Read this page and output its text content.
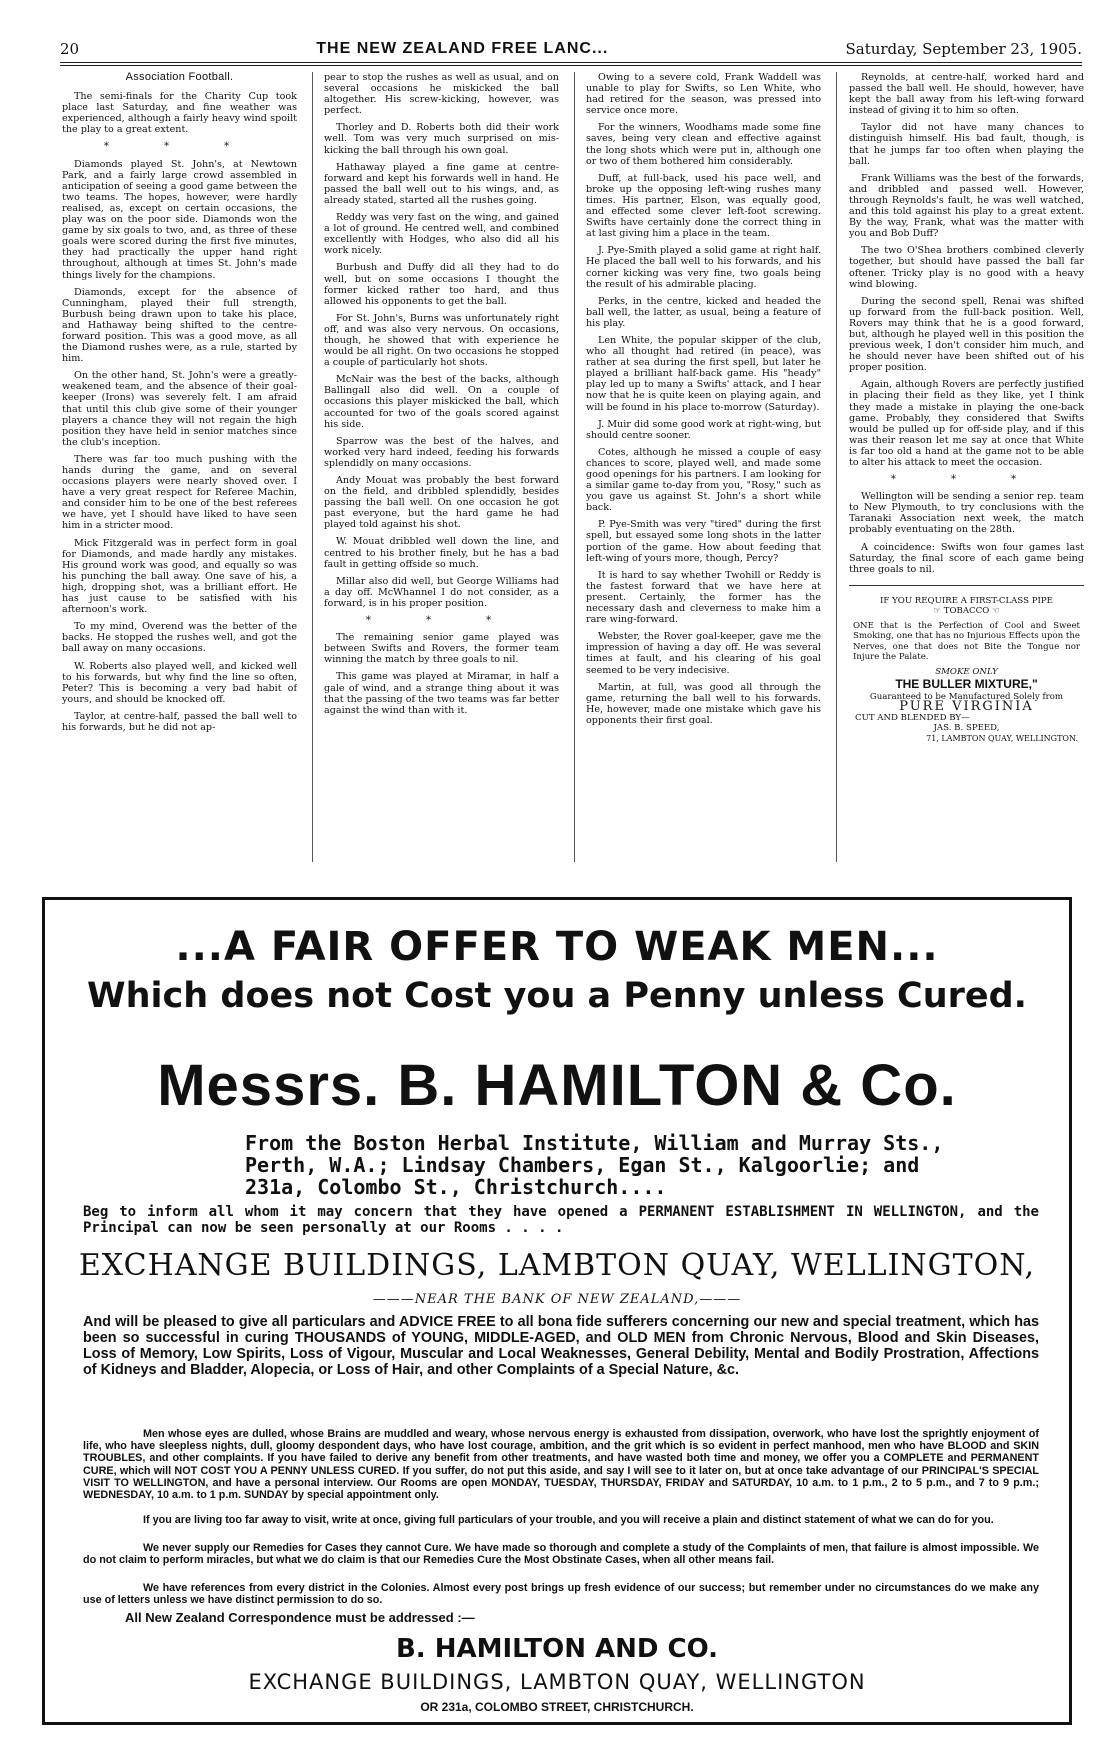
20	THE NEW ZEALAND FREE LANC...	Saturday, September 23, 1905.
Association Football.

The semi-finals for the Charity Cup took place last Saturday, and fine weather was experienced, although a fairly heavy wind spoilt the play to a great extent.

* * *

Diamonds played St. John's, at Newtown Park, and a fairly large crowd assembled in anticipation of seeing a good game between the two teams. The hopes, however, were hardly realised, as, except on certain occasions, the play was on the poor side. Diamonds won the game by six goals to two, and, as three of these goals were scored during the first five minutes, they had practically the upper hand right throughout, although at times St. John's made things lively for the champions.

Diamonds, except for the absence of Cunningham, played their full strength, Burbush being drawn upon to take his place, and Hathaway being shifted to the centre-forward position. This was a good move, as all the Diamond rushes were, as a rule, started by him.

On the other hand, St. John's were a greatly-weakened team, and the absence of their goal-keeper (Irons) was severely felt. I am afraid that until this club give some of their younger players a chance they will not regain the high position they have held in senior matches since the club's inception.

There was far too much pushing with the hands during the game, and on several occasions players were nearly shoved over. I have a very great respect for Referee Machin, and consider him to be one of the best referees we have, yet I should have liked to have seen him in a stricter mood.

Mick Fitzgerald was in perfect form in goal for Diamonds, and made hardly any mistakes. His ground work was good, and equally so was his punching the ball away. One save of his, a high, dropping shot, was a brilliant effort. He has just cause to be satisfied with his afternoon's work.

To my mind, Overend was the better of the backs. He stopped the rushes well, and got the ball away on many occasions.

W. Roberts also played well, and kicked well to his forwards, but why find the line so often, Peter? This is becoming a very bad habit of yours, and should be knocked off.

Taylor, at centre-half, passed the ball well to his forwards, but he did not ap-

pear to stop the rushes as well as usual, and on several occasions he miskicked the ball altogether. His screw-kicking, however, was perfect.

Thorley and D. Roberts both did their work well. Tom was very much surprised on mis-kicking the ball through his own goal.

Hathaway played a fine game at centre-forward and kept his forwards well in hand. He passed the ball well out to his wings, and, as already stated, started all the rushes going.

Reddy was very fast on the wing, and gained a lot of ground. He centred well, and combined excellently with Hodges, who also did all his work nicely.

Burbush and Duffy did all they had to do well, but on some occasions I thought the former kicked rather too hard, and thus allowed his opponents to get the ball.

For St. John's, Burns was unfortunately right off, and was also very nervous. On occasions, though, he showed that with experience he would be all right. On two occasions he stopped a couple of particularly hot shots.

McNair was the best of the backs, although Ballingall also did well. On a couple of occasions this player miskicked the ball, which accounted for two of the goals scored against his side.

Sparrow was the best of the halves, and worked very hard indeed, feeding his forwards splendidly on many occasions.

Andy Mouat was probably the best forward on the field, and dribbled splendidly, besides passing the ball well. On one occasion he got past everyone, but the hard game he had played told against his shot.

W. Mouat dribbled well down the line, and centred to his brother finely, but he has a bad fault in getting offside so much.

Millar also did well, but George Williams had a day off. McWhannel I do not consider, as a forward, is in his proper position.

* * *

The remaining senior game played was between Swifts and Rovers, the former team winning the match by three goals to nil.

This game was played at Miramar, in half a gale of wind, and a strange thing about it was that the passing of the two teams was far better against the wind than with it.

Owing to a severe cold, Frank Waddell was unable to play for Swifts, so Len White, who had retired for the season, was pressed into service once more.

For the winners, Woodhams made some fine saves, being very clean and effective against the long shots which were put in, although one or two of them bothered him considerably.

Duff, at full-back, used his pace well, and broke up the opposing left-wing rushes many times. His partner, Elson, was equally good, and effected some clever left-foot screwing. Swifts have certainly done the correct thing in at last giving him a place in the team.

J. Pye-Smith played a solid game at right half. He placed the ball well to his forwards, and his corner kicking was very fine, two goals being the result of his admirable placing.

Perks, in the centre, kicked and headed the ball well, the latter, as usual, being a feature of his play.

Len White, the popular skipper of the club, who all thought had retired (in peace), was rather at sea during the first spell, but later he played a brilliant half-back game. His "heady" play led up to many a Swifts' attack, and I hear now that he is quite keen on playing again, and will be found in his place to-morrow (Saturday).

J. Muir did some good work at right-wing, but should centre sooner.

Cotes, although he missed a couple of easy chances to score, played well, and made some good openings for his partners. I am looking for a similar game to-day from you, "Rosy," such as you gave us against St. John's a short while back.

P. Pye-Smith was very "tired" during the first spell, but essayed some long shots in the latter portion of the game. How about feeding that left-wing of yours more, though, Percy?

It is hard to say whether Twohill or Reddy is the fastest forward that we have here at present. Certainly, the former has the necessary dash and cleverness to make him a rare wing-forward.

Webster, the Rover goal-keeper, gave me the impression of having a day off. He was several times at fault, and his clearing of his goal seemed to be very indecisive.

Martin, at full, was good all through the game, returning the ball well to his forwards. He, however, made one mistake which gave his opponents their first goal.

Reynolds, at centre-half, worked hard and passed the ball well. He should, however, have kept the ball away from his left-wing forward instead of giving it to him so often.

Taylor did not have many chances to distinguish himself. His bad fault, though, is that he jumps far too often when playing the ball.

Frank Williams was the best of the forwards, and dribbled and passed well. However, through Reynolds's fault, he was well watched, and this told against his play to a great extent. By the way, Frank, what was the matter with you and Bob Duff?

The two O'Shea brothers combined cleverly together, but should have passed the ball far oftener. Tricky play is no good with a heavy wind blowing.

During the second spell, Renai was shifted up forward from the full-back position. Well, Rovers may think that he is a good forward, but, although he played well in this position the previous week, I don't consider him much, and he should never have been shifted out of his proper position.

Again, although Rovers are perfectly justified in placing their field as they like, yet I think they made a mistake in playing the one-back game. Probably, they considered that Swifts would be pulled up for off-side play, and if this was their reason let me say at once that White is far too old a hand at the game not to be able to alter his attack to meet the occasion.

* * *

Wellington will be sending a senior rep. team to New Plymouth, to try conclusions with the Taranaki Association next week, the match probably eventuating on the 28th.

A coincidence: Swifts won four games last Saturday, the final score of each game being three goals to nil.

IF YOU REQUIRE A FIRST-CLASS PIPE
☞ TOBACCO ☜
ONE that is the Perfection of Cool and Sweet Smoking, one that has no Injurious Effects upon the Nerves, one that does not Bite the Tongue nor Injure the Palate.
SMOKE ONLY
THE BULLER MIXTURE,"
Guaranteed to be Manufactured Solely from
PURE VIRGINIA
CUT AND BLENDED BY—
JAS. B. SPEED,
71, LAMBTON QUAY, WELLINGTON.
...A FAIR OFFER TO WEAK MEN...
Which does not Cost you a Penny unless Cured.
Messrs. B. HAMILTON & Co.
From the Boston Herbal Institute, William and Murray Sts., Perth, W.A.; Lindsay Chambers, Egan St., Kalgoorlie; and 231a, Colombo St., Christchurch....
Beg to inform all whom it may concern that they have opened a PERMANENT ESTABLISHMENT IN WELLINGTON, and the Principal can now be seen personally at our Rooms . . . .
EXCHANGE BUILDINGS, LAMBTON QUAY, WELLINGTON,
———NEAR THE BANK OF NEW ZEALAND,———
And will be pleased to give all particulars and ADVICE FREE to all bona fide sufferers concerning our new and special treatment, which has been so successful in curing THOUSANDS of YOUNG, MIDDLE-AGED, and OLD MEN from Chronic Nervous, Blood and Skin Diseases, Loss of Memory, Low Spirits, Loss of Vigour, Muscular and Local Weaknesses, General Debility, Mental and Bodily Prostration, Affections of Kidneys and Bladder, Alopecia, or Loss of Hair, and other Complaints of a Special Nature, &c.
Men whose eyes are dulled, whose Brains are muddled and weary, whose nervous energy is exhausted from dissipation, overwork, who have lost the sprightly enjoyment of life, who have sleepless nights, dull, gloomy despondent days, who have lost courage, ambition, and the grit which is so evident in perfect manhood, men who have BLOOD and SKIN TROUBLES, and other complaints. If you have failed to derive any benefit from other treatments, and have wasted both time and money, we offer you a COMPLETE and PERMANENT CURE, which will NOT COST YOU A PENNY UNLESS CURED. If you suffer, do not put this aside, and say I will see to it later on, but at once take advantage of our PRINCIPAL'S SPECIAL VISIT TO WELLINGTON, and have a personal interview. Our Rooms are open MONDAY, TUESDAY, THURSDAY, FRIDAY and SATURDAY, 10 a.m. to 1 p.m., 2 to 5 p.m., and 7 to 9 p.m.; WEDNESDAY, 10 a.m. to 1 p.m. SUNDAY by special appointment only.
If you are living too far away to visit, write at once, giving full particulars of your trouble, and you will receive a plain and distinct statement of what we can do for you.
We never supply our Remedies for Cases they cannot Cure. We have made so thorough and complete a study of the Complaints of men, that failure is almost impossible. We do not claim to perform miracles, but what we do claim is that our Remedies Cure the Most Obstinate Cases, when all other means fail.
We have references from every district in the Colonies. Almost every post brings up fresh evidence of our success; but remember under no circumstances do we make any use of letters unless we have distinct permission to do so.
All New Zealand Correspondence must be addressed :—
B. HAMILTON AND CO.
EXCHANGE BUILDINGS, LAMBTON QUAY, WELLINGTON
OR 231a, COLOMBO STREET, CHRISTCHURCH.
